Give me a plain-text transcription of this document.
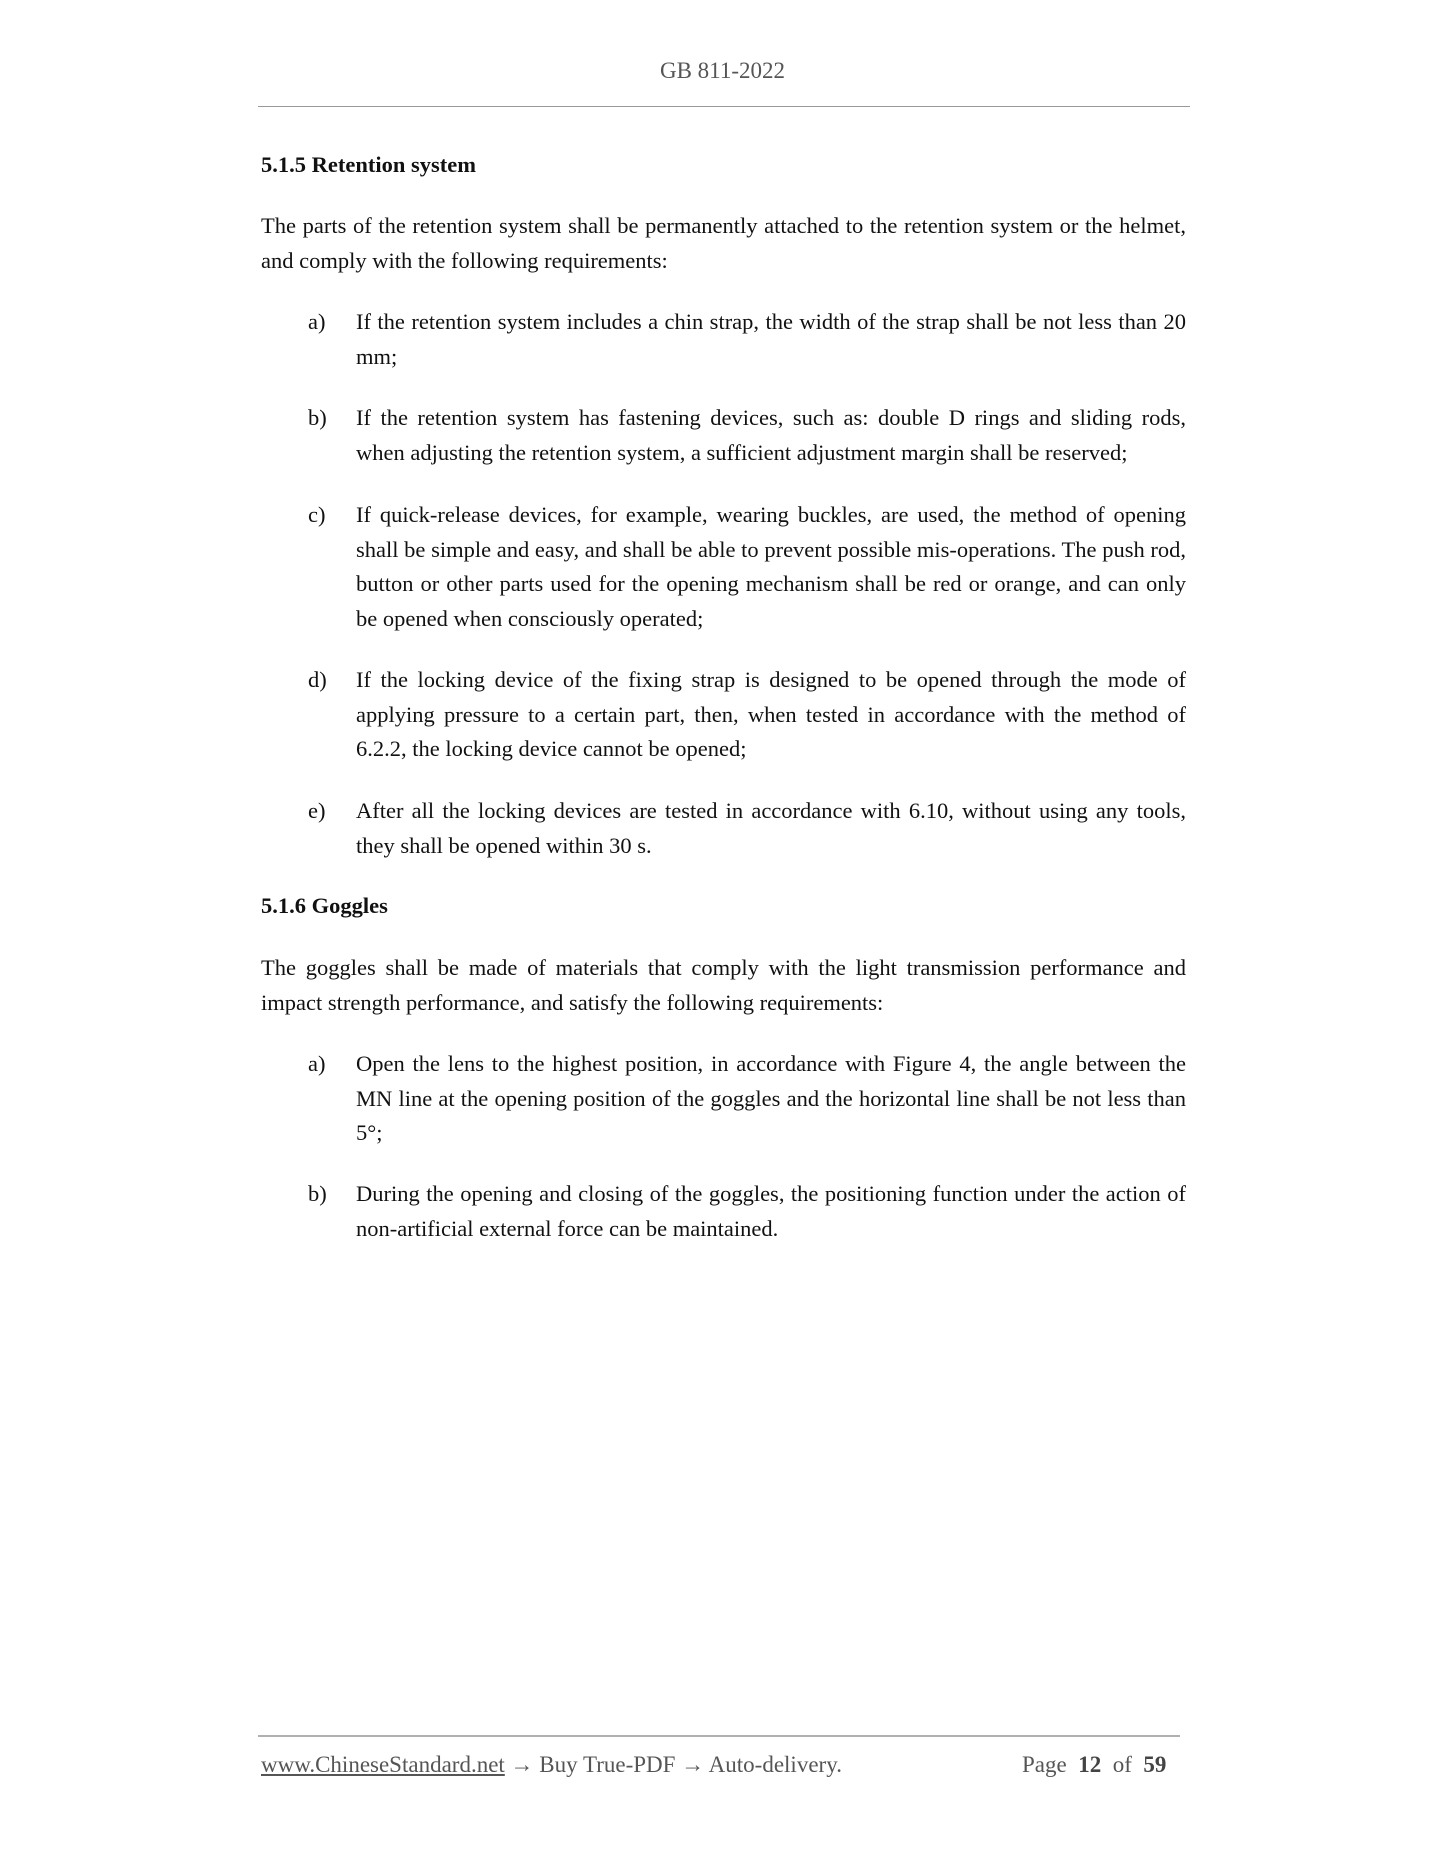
GB 811-2022
5.1.5 Retention system
The parts of the retention system shall be permanently attached to the retention system or the helmet, and comply with the following requirements:
a) If the retention system includes a chin strap, the width of the strap shall be not less than 20 mm;
b) If the retention system has fastening devices, such as: double D rings and sliding rods, when adjusting the retention system, a sufficient adjustment margin shall be reserved;
c) If quick-release devices, for example, wearing buckles, are used, the method of opening shall be simple and easy, and shall be able to prevent possible mis-operations. The push rod, button or other parts used for the opening mechanism shall be red or orange, and can only be opened when consciously operated;
d) If the locking device of the fixing strap is designed to be opened through the mode of applying pressure to a certain part, then, when tested in accordance with the method of 6.2.2, the locking device cannot be opened;
e) After all the locking devices are tested in accordance with 6.10, without using any tools, they shall be opened within 30 s.
5.1.6 Goggles
The goggles shall be made of materials that comply with the light transmission performance and impact strength performance, and satisfy the following requirements:
a) Open the lens to the highest position, in accordance with Figure 4, the angle between the MN line at the opening position of the goggles and the horizontal line shall be not less than 5°;
b) During the opening and closing of the goggles, the positioning function under the action of non-artificial external force can be maintained.
www.ChineseStandard.net → Buy True-PDF → Auto-delivery.	Page 12 of 59
